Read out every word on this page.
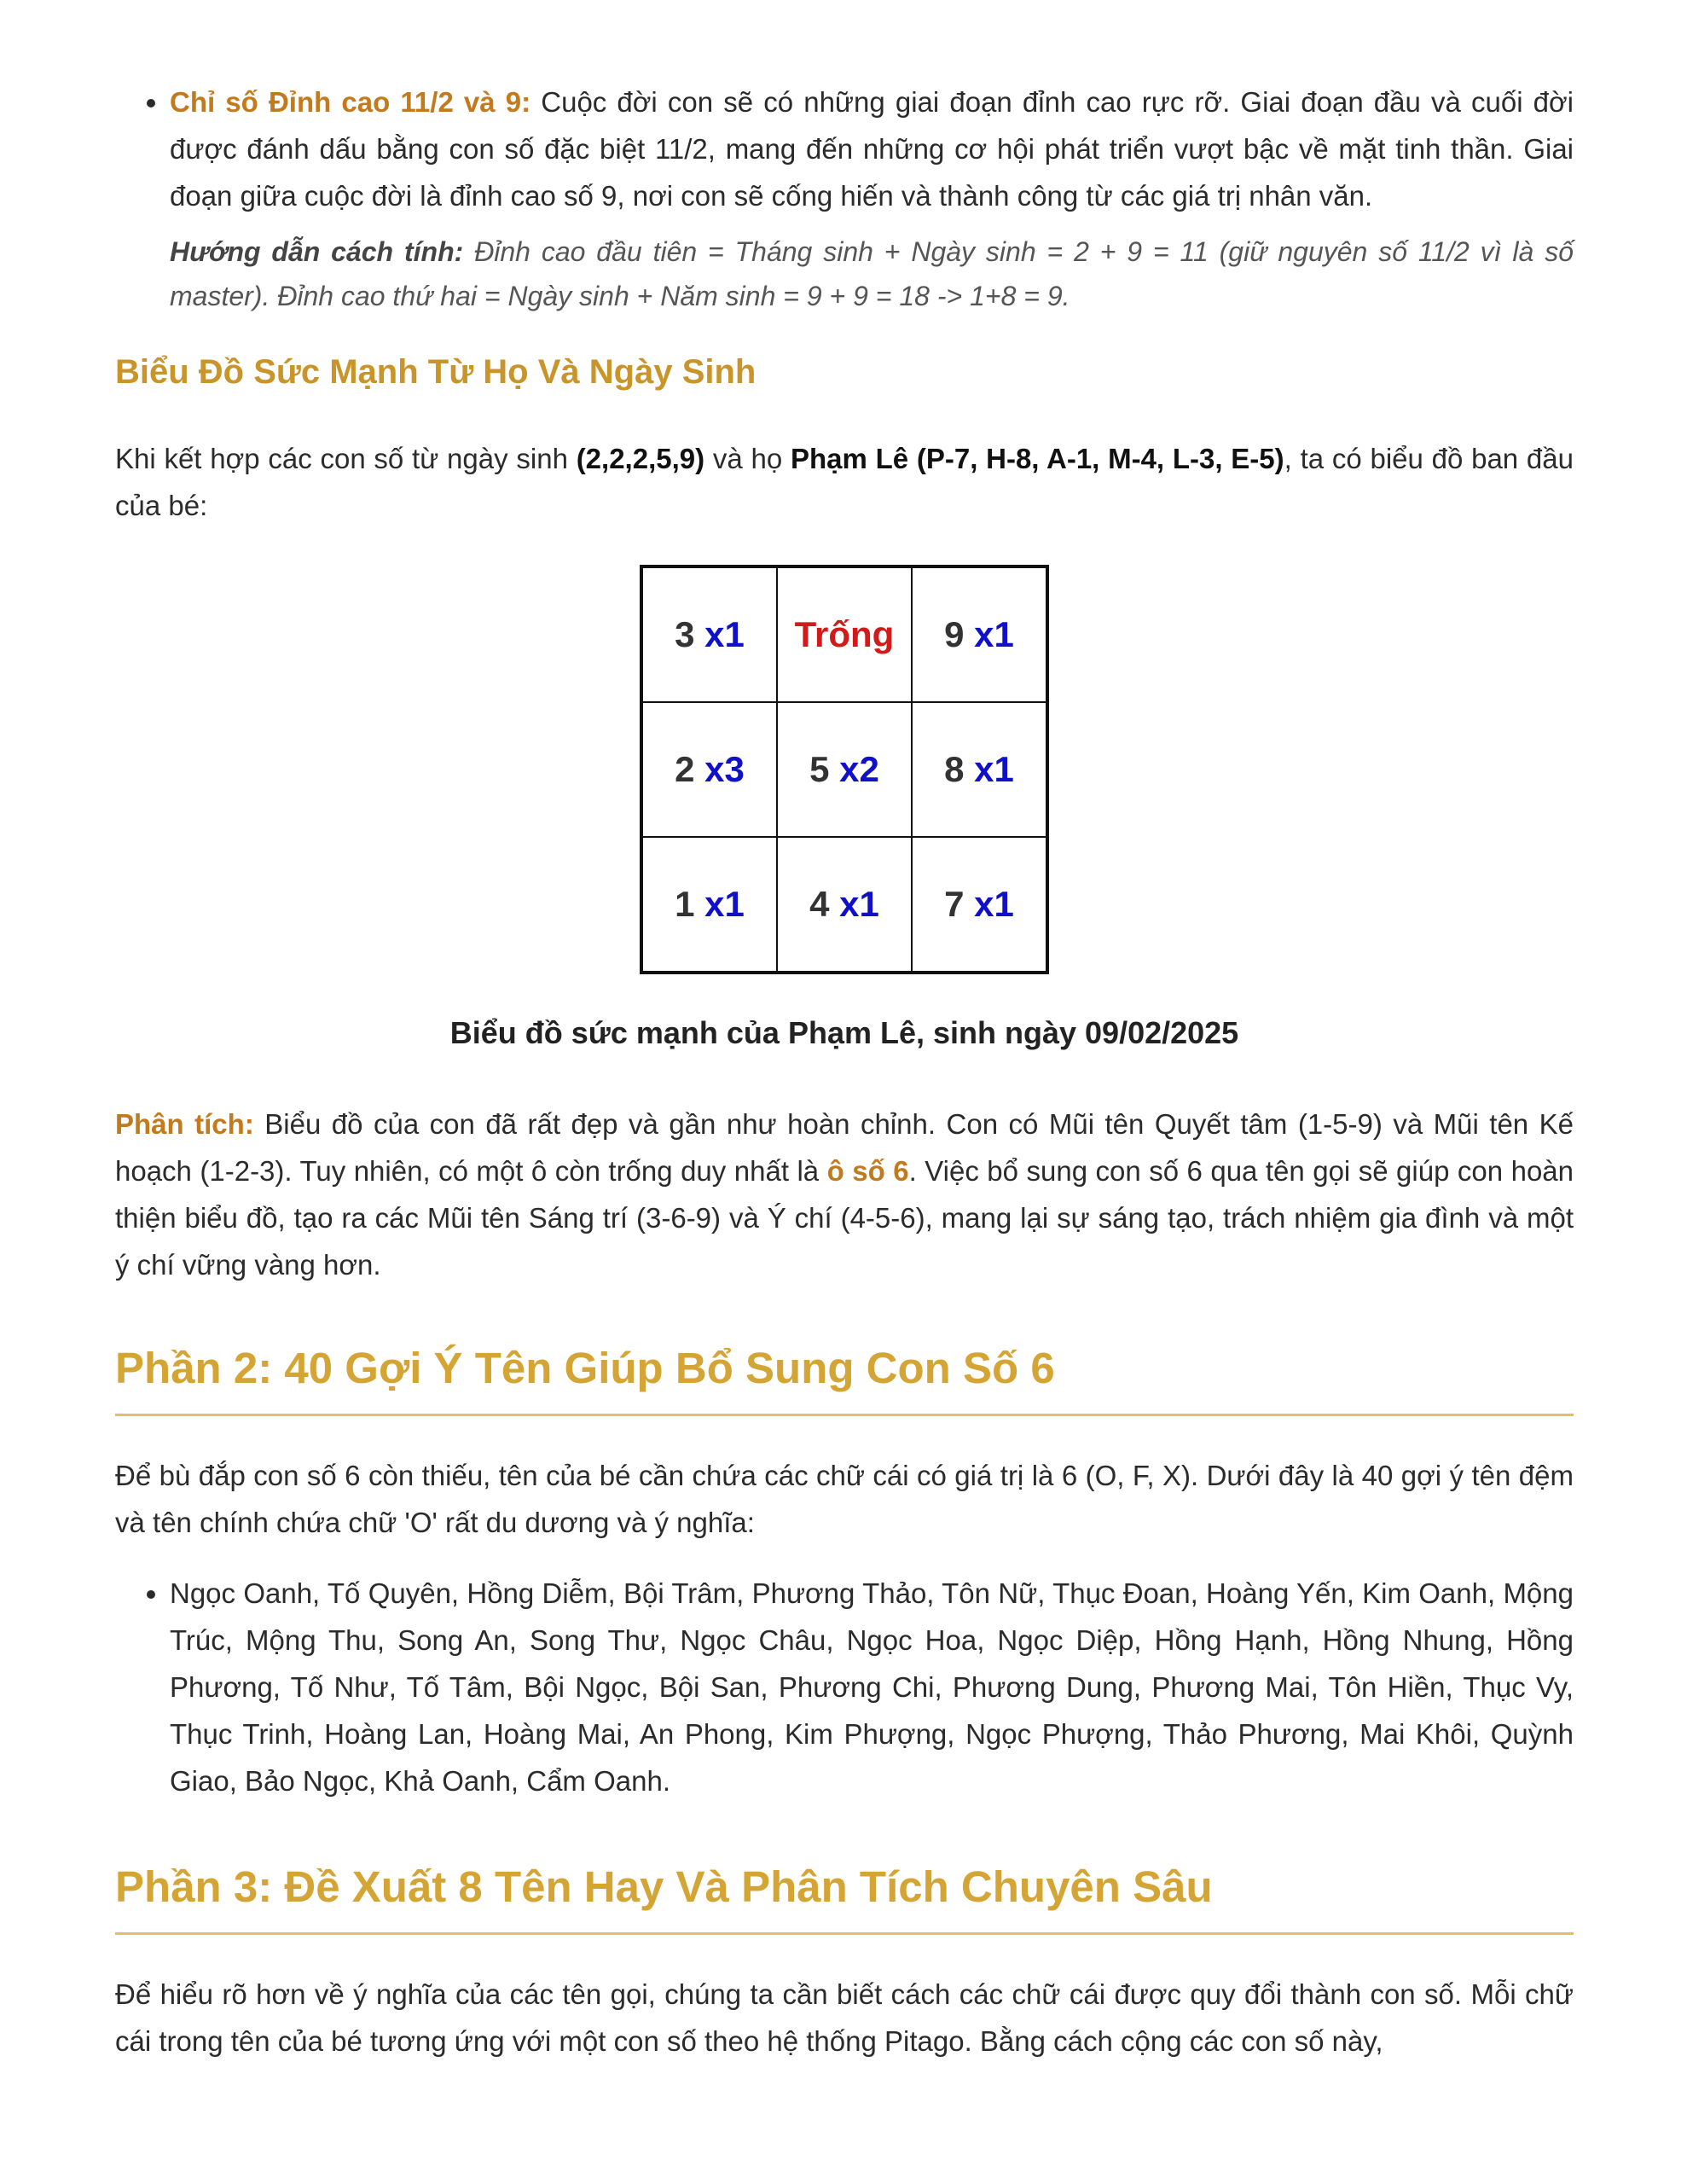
• Chỉ số Đỉnh cao 11/2 và 9: Cuộc đời con sẽ có những giai đoạn đỉnh cao rực rỡ. Giai đoạn đầu và cuối đời được đánh dấu bằng con số đặc biệt 11/2, mang đến những cơ hội phát triển vượt bậc về mặt tinh thần. Giai đoạn giữa cuộc đời là đỉnh cao số 9, nơi con sẽ cống hiến và thành công từ các giá trị nhân văn.
Hướng dẫn cách tính: Đỉnh cao đầu tiên = Tháng sinh + Ngày sinh = 2 + 9 = 11 (giữ nguyên số 11/2 vì là số master). Đỉnh cao thứ hai = Ngày sinh + Năm sinh = 9 + 9 = 18 -> 1+8 = 9.
Biểu Đồ Sức Mạnh Từ Họ Và Ngày Sinh

Khi kết hợp các con số từ ngày sinh (2,2,2,5,9) và họ Phạm Lê (P-7, H-8, A-1, M-4, L-3, E-5), ta có biểu đồ ban đầu của bé:

3 x1	Trống	9 x1
2 x3	5 x2	8 x1
1 x1	4 x1	7 x1
Biểu đồ sức mạnh của Phạm Lê, sinh ngày 09/02/2025

Phân tích: Biểu đồ của con đã rất đẹp và gần như hoàn chỉnh. Con có Mũi tên Quyết tâm (1-5-9) và Mũi tên Kế hoạch (1-2-3). Tuy nhiên, có một ô còn trống duy nhất là ô số 6. Việc bổ sung con số 6 qua tên gọi sẽ giúp con hoàn thiện biểu đồ, tạo ra các Mũi tên Sáng trí (3-6-9) và Ý chí (4-5-6), mang lại sự sáng tạo, trách nhiệm gia đình và một ý chí vững vàng hơn.

Phần 2: 40 Gợi Ý Tên Giúp Bổ Sung Con Số 6

Để bù đắp con số 6 còn thiếu, tên của bé cần chứa các chữ cái có giá trị là 6 (O, F, X). Dưới đây là 40 gợi ý tên đệm và tên chính chứa chữ 'O' rất du dương và ý nghĩa:

• Ngọc Oanh, Tố Quyên, Hồng Diễm, Bội Trâm, Phương Thảo, Tôn Nữ, Thục Đoan, Hoàng Yến, Kim Oanh, Mộng Trúc, Mộng Thu, Song An, Song Thư, Ngọc Châu, Ngọc Hoa, Ngọc Diệp, Hồng Hạnh, Hồng Nhung, Hồng Phương, Tố Như, Tố Tâm, Bội Ngọc, Bội San, Phương Chi, Phương Dung, Phương Mai, Tôn Hiền, Thục Vy, Thục Trinh, Hoàng Lan, Hoàng Mai, An Phong, Kim Phượng, Ngọc Phượng, Thảo Phương, Mai Khôi, Quỳnh Giao, Bảo Ngọc, Khả Oanh, Cẩm Oanh.
Phần 3: Đề Xuất 8 Tên Hay Và Phân Tích Chuyên Sâu

Để hiểu rõ hơn về ý nghĩa của các tên gọi, chúng ta cần biết cách các chữ cái được quy đổi thành con số. Mỗi chữ cái trong tên của bé tương ứng với một con số theo hệ thống Pitago. Bằng cách cộng các con số này,
